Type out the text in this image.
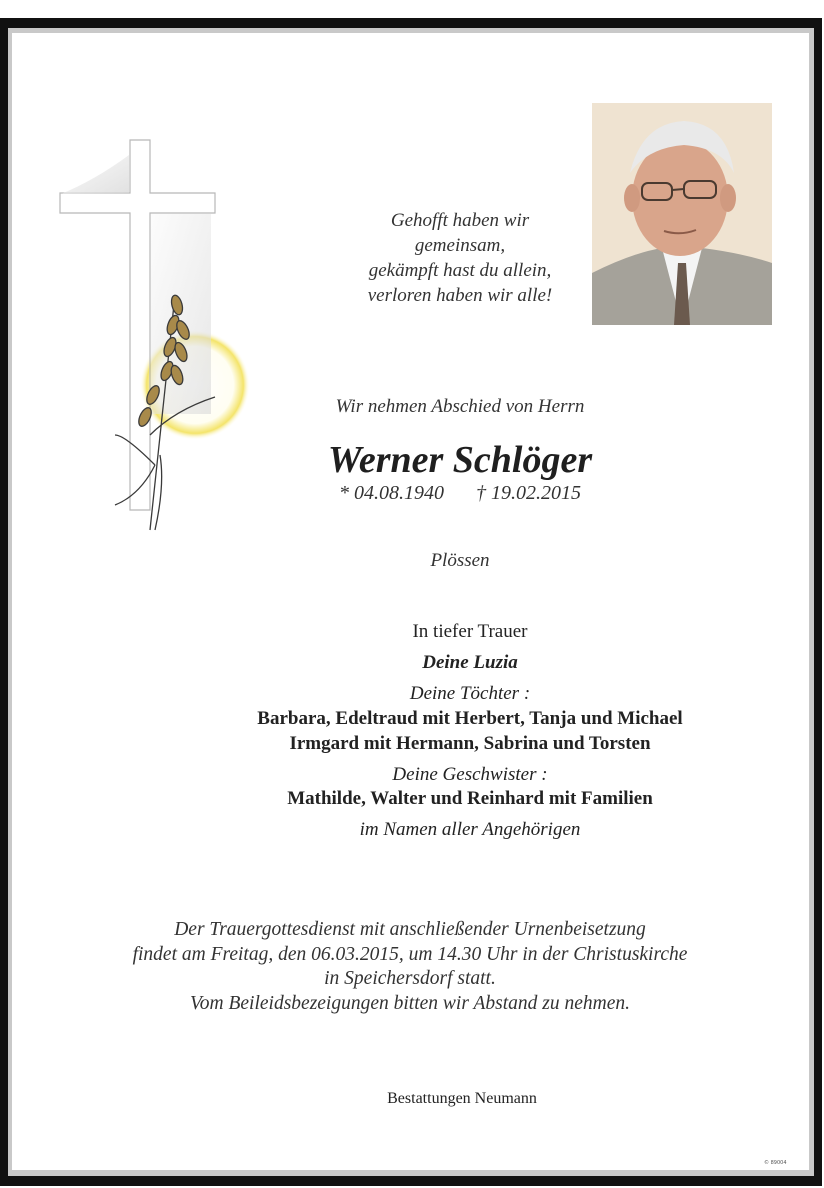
Gehofft haben wir
gemeinsam,
gekämpft hast du allein,
verloren haben wir alle!
Wir nehmen Abschied von Herrn
Werner Schlöger
* 04.08.1940 † 19.02.2015
Plössen
In tiefer Trauer
Deine Luzia
Deine Töchter :
Barbara, Edeltraud mit Herbert, Tanja und Michael
Irmgard mit Hermann, Sabrina und Torsten
Deine Geschwister :
Mathilde, Walter und Reinhard mit Familien
im Namen aller Angehörigen
Der Trauergottesdienst mit anschließender Urnenbeisetzung
findet am Freitag, den 06.03.2015, um 14.30 Uhr in der Christuskirche
in Speichersdorf statt.
Vom Beileidsbezeigungen bitten wir Abstand zu nehmen.
Bestattungen Neumann
© 89004
